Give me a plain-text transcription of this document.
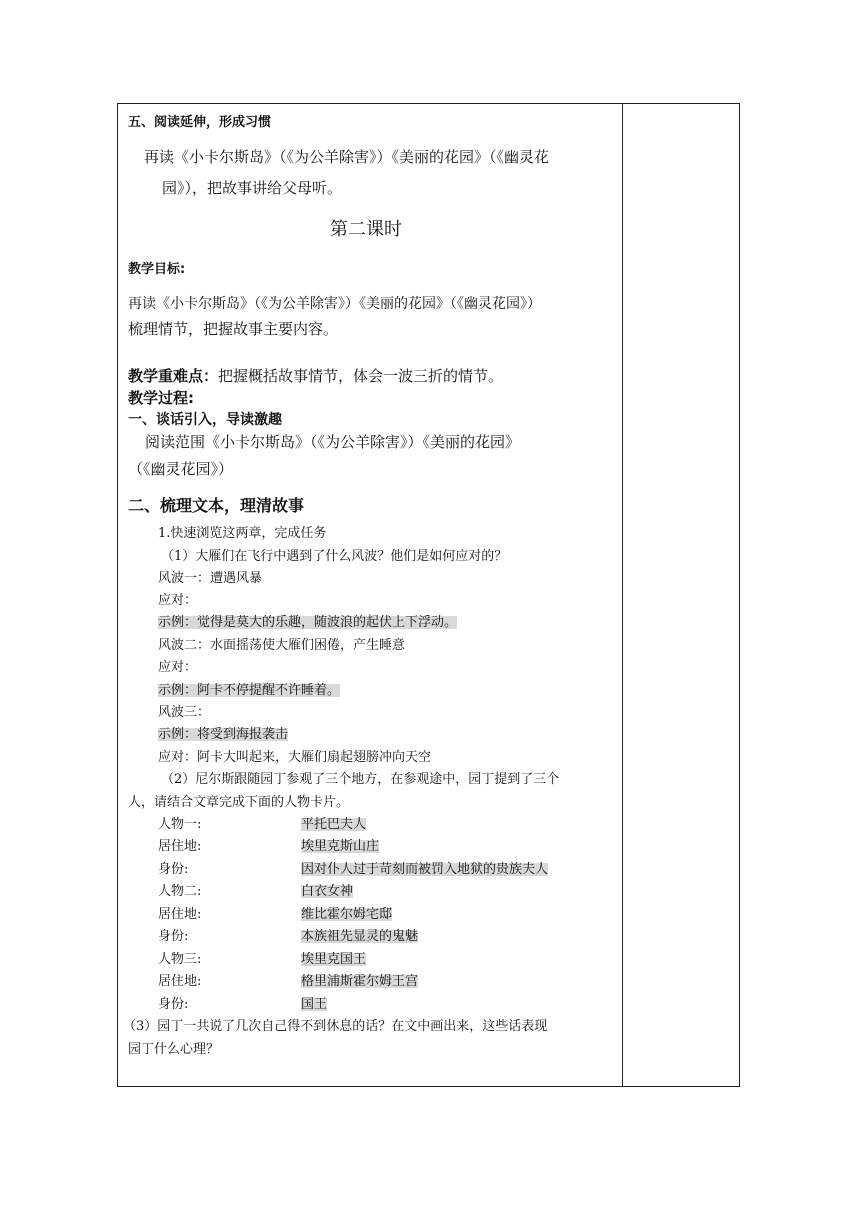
五、阅读延伸，形成习惯
再读《小卡尔斯岛》（《为公羊除害》）《美丽的花园》（《幽灵花
园》），把故事讲给父母听。
第二课时
教学目标:
再读《小卡尔斯岛》（《为公羊除害》）《美丽的花园》（《幽灵花园》）
梳理情节，把握故事主要内容。
教学重难点：把握概括故事情节，体会一波三折的情节。
教学过程:
一、谈话引入，导读激趣
阅读范围《小卡尔斯岛》（《为公羊除害》）《美丽的花园》
（《幽灵花园》）
二、梳理文本，理清故事
1.快速浏览这两章，完成任务
（1）大雁们在飞行中遇到了什么风波？他们是如何应对的？
风波一：遭遇风暴
应对：
示例：觉得是莫大的乐趣，随波浪的起伏上下浮动。
风波二：水面摇荡使大雁们困倦，产生睡意
应对：
示例：阿卡不停提醒不许睡着。
风波三：
示例：将受到海报袭击
应对：阿卡大叫起来，大雁们扇起翅膀冲向天空
（2）尼尔斯跟随园丁参观了三个地方，在参观途中，园丁提到了三个
人，请结合文章完成下面的人物卡片。
人物一:	平托巴夫人
居住地:	埃里克斯山庄
身份:	因对仆人过于苛刻而被罚入地狱的贵族夫人
人物二:	白衣女神
居住地:	维比霍尔姆宅邸
身份:	本族祖先显灵的鬼魅
人物三:	埃里克国王
居住地:	格里浦斯霍尔姆王宫
身份:	国王
（3）园丁一共说了几次自己得不到休息的话？在文中画出来，这些话表现
园丁什么心理？
